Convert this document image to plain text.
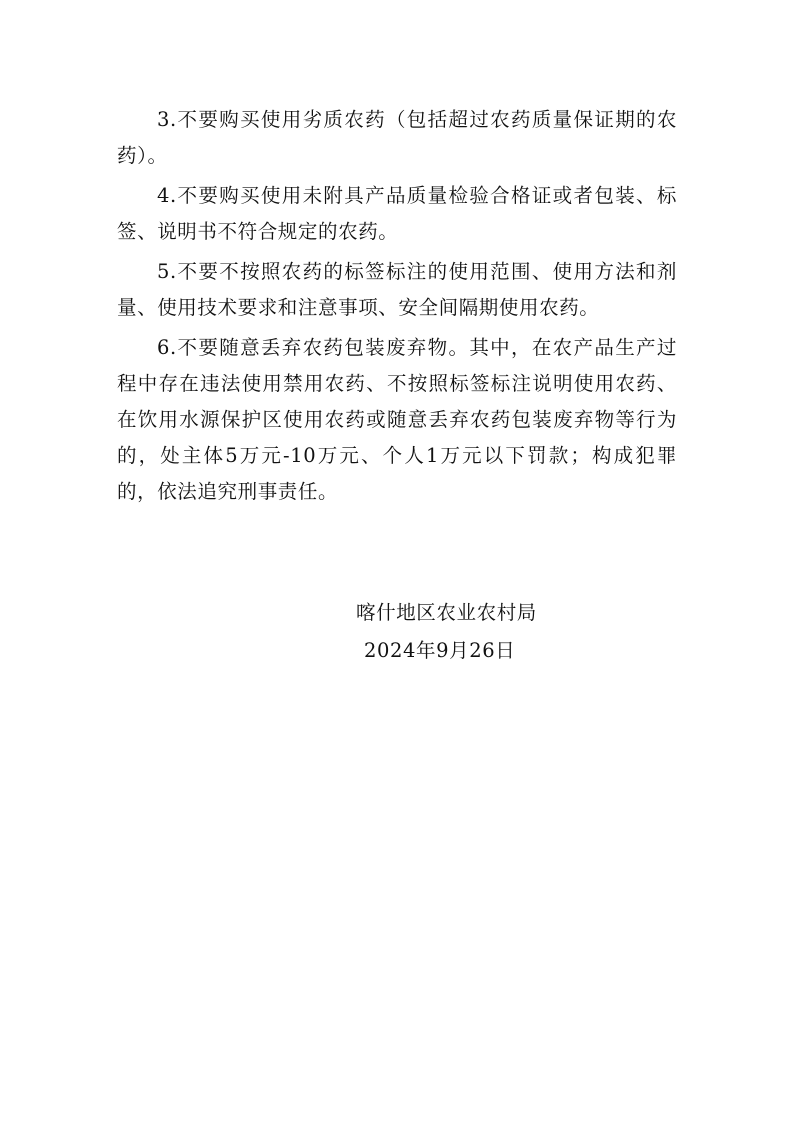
3.不要购买使用劣质农药（包括超过农药质量保证期的农药）。

4.不要购买使用未附具产品质量检验合格证或者包装、标签、说明书不符合规定的农药。

5.不要不按照农药的标签标注的使用范围、使用方法和剂量、使用技术要求和注意事项、安全间隔期使用农药。

6.不要随意丢弃农药包装废弃物。其中，在农产品生产过程中存在违法使用禁用农药、不按照标签标注说明使用农药、在饮用水源保护区使用农药或随意丢弃农药包装废弃物等行为的，处主体5万元-10万元、个人1万元以下罚款；构成犯罪的，依法追究刑事责任。

喀什地区农业农村局
2024年9月26日
